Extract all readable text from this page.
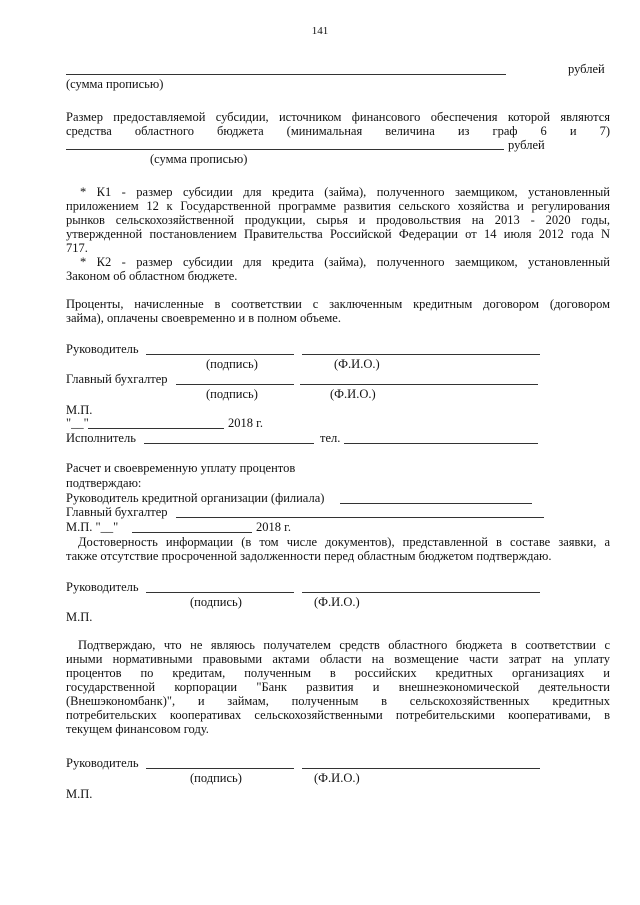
141
рублей
(сумма прописью)

Размер предоставляемой субсидии, источником финансового обеспечения которой являются

средства областного бюджета (минимальная величина из граф 6 и 7)

рублей
(сумма прописью)

* К1 - размер субсидии для кредита (займа), полученного заемщиком, установленный

приложением 12 к Государственной программе развития сельского хозяйства и регулирования

рынков сельскохозяйственной продукции, сырья и продовольствия на 2013 - 2020 годы,

утвержденной постановлением Правительства Российской Федерации от 14 июля 2012 года N

717.

* К2 - размер субсидии для кредита (займа), полученного заемщиком, установленный

Законом об областном бюджете.

Проценты, начисленные в соответствии с заключенным кредитным договором (договором

займа), оплачены своевременно и в полном объеме.

Руководитель
(подпись)	(Ф.И.О.)
Главный бухгалтер
(подпись)	(Ф.И.О.)
М.П.
"__"	2018 г.
Исполнитель	тел.
Расчет и своевременную уплату процентов
подтверждаю:
Руководитель кредитной организации (филиала)
Главный бухгалтер
М.П. "__"	2018 г.

Достоверность информации (в том числе документов), представленной в составе заявки, а

также отсутствие просроченной задолженности перед областным бюджетом подтверждаю.

Руководитель
(подпись)	(Ф.И.О.)
М.П.

Подтверждаю, что не являюсь получателем средств областного бюджета в соответствии с

иными нормативными правовыми актами области на возмещение части затрат на уплату

процентов по кредитам, полученным в российских кредитных организациях и

государственной корпорации "Банк развития и внешнеэкономической деятельности

(Внешэкономбанк)", и займам, полученным в сельскохозяйственных кредитных

потребительских кооперативах сельскохозяйственными потребительскими кооперативами, в

текущем финансовом году.

Руководитель
(подпись)	(Ф.И.О.)
М.П.
